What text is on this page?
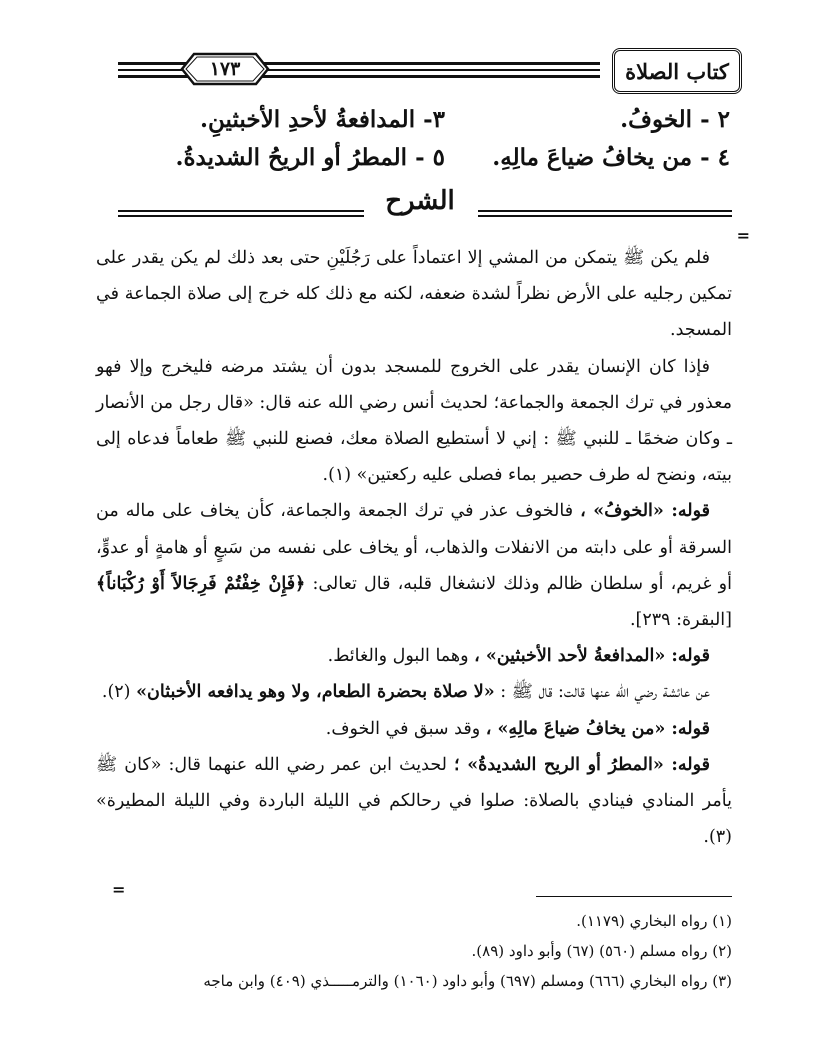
١٧٣	كتاب الصلاة
٢ - الخوفُ.
٣- المدافعةُ لأحدِ الأخبثينِ.
٤ - من يخافُ ضياعَ مالِهِ.
٥ - المطرُ أو الريحُ الشديدةُ.
الشرح
=
=

فلم يكن ﷺ يتمكن من المشي إلا اعتماداً على رَجُلَيْنِ حتى بعد ذلك لم يكن يقدر على تمكين رجليه على الأرض نظراً لشدة ضعفه، لكنه مع ذلك كله خرج إلى صلاة الجماعة في المسجد.

فإذا كان الإنسان يقدر على الخروج للمسجد بدون أن يشتد مرضه فليخرج وإلا فهو معذور في ترك الجمعة والجماعة؛ لحديث أنس رضي الله عنه قال: «قال رجل من الأنصار ـ وكان ضخمًا ـ للنبي ﷺ : إني لا أستطيع الصلاة معك، فصنع للنبي ﷺ طعاماً فدعاه إلى بيته، ونضح له طرف حصير بماء فصلى عليه ركعتين» (١).

قوله: «الخوفُ» ، فالخوف عذر في ترك الجمعة والجماعة، كأن يخاف على ماله من السرقة أو على دابته من الانفلات والذهاب، أو يخاف على نفسه من سَبعٍ أو هامةٍ أو عدوٍّ، أو غريم، أو سلطان ظالم وذلك لانشغال قلبه، قال تعالى: ﴿فَإِنْ خِفْتُمْ فَرِجَالاً أَوْ رُكْبَاناً﴾ [البقرة: ٢٣٩].

قوله: «المدافعةُ لأحد الأخبثين» ، وهما البول والغائط.

عن عائشة رضي الله عنها قالت: قال ﷺ : «لا صلاة بحضرة الطعام، ولا وهو يدافعه الأخبثان» (٢).

قوله: «من يخافُ ضياعَ مالِهِ» ، وقد سبق في الخوف.

قوله: «المطرُ أو الريح الشديدةُ» ؛ لحديث ابن عمر رضي الله عنهما قال: «كان ﷺ يأمر المنادي فينادي بالصلاة: صلوا في رحالكم في الليلة الباردة وفي الليلة المطيرة» (٣).

(١) رواه البخاري (١١٧٩).
(٢) رواه مسلم (٥٦٠) (٦٧) وأبو داود (٨٩).
(٣) رواه البخاري (٦٦٦) ومسلم (٦٩٧) وأبو داود (١٠٦٠) والترمـــــذي (٤٠٩) وابن ماجه
